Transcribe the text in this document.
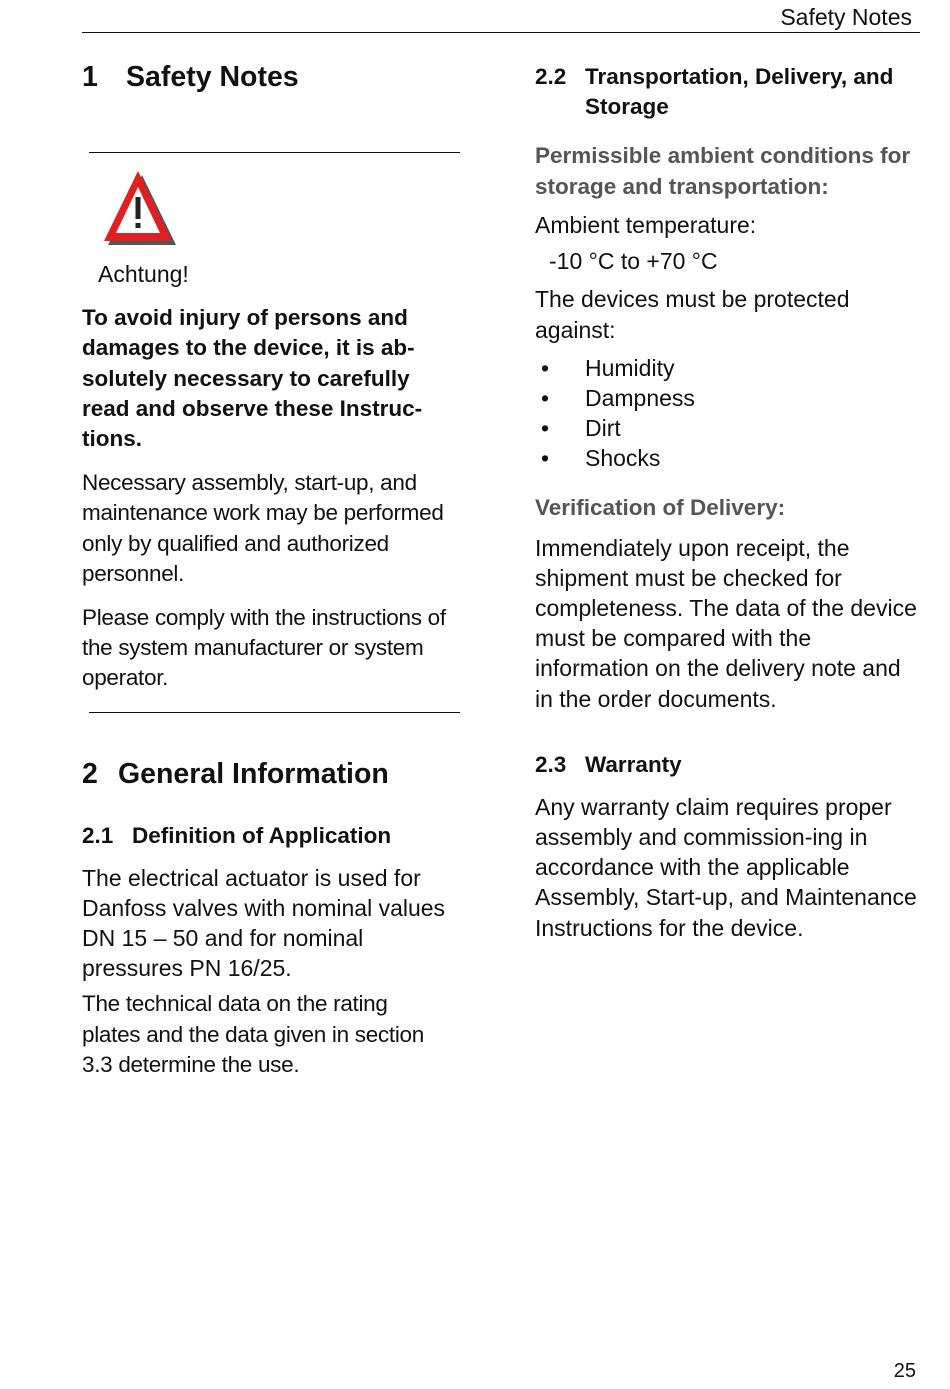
Safety Notes
1 Safety Notes

Achtung!

To avoid injury of persons and damages to the device, it is ab-solutely necessary to carefully read and observe these Instruc-tions.

Necessary assembly, start-up, and maintenance work may be performed only by qualified and authorized personnel.

Please comply with the instructions of the system manufacturer or system operator.

2 General Information
2.1 Definition of Application

The electrical actuator is used for Danfoss valves with nominal values DN 15 – 50 and for nominal pressures PN 16/25.

The technical data on the rating plates and the data given in section 3.3 determine the use.

2.2 Transportation, Delivery, and Storage

Permissible ambient conditions for storage and transportation:

Ambient temperature:

-10 °C to +70 °C

The devices must be protected against:

•	Humidity
•	Dampness
•	Dirt
•	Shocks

Verification of Delivery:

Immendiately upon receipt, the shipment must be checked for completeness. The data of the device must be compared with the information on the delivery note and in the order documents.

2.3 Warranty

Any warranty claim requires proper assembly and commission-ing in accordance with the applicable Assembly, Start-up, and Maintenance Instructions for the device.

25
